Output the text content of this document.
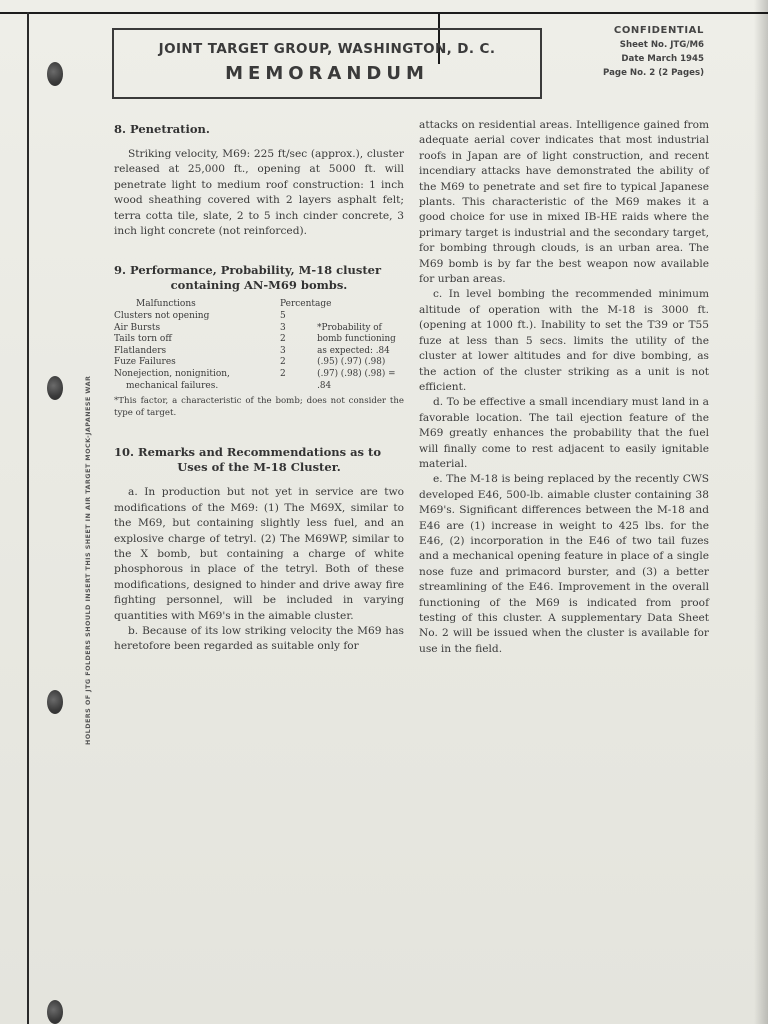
HOLDERS OF JTG FOLDERS SHOULD INSERT THIS SHEET IN AIR TARGET MOCK-JAPANESE WAR
JOINT TARGET GROUP, WASHINGTON, D. C.
MEMORANDUM
CONFIDENTIAL
Sheet No. JTG/M6
Date March 1945
Page No. 2 (2 Pages)
8. Penetration.

Striking velocity, M69: 225 ft/sec (approx.), cluster released at 25,000 ft., opening at 5000 ft. will penetrate light to medium roof construction: 1 inch wood sheathing covered with 2 layers asphalt felt; terra cotta tile, slate, 2 to 5 inch cinder concrete, 3 inch light concrete (not reinforced).

9. Performance, Probability, M-18 cluster
containing AN-M69 bombs.
Malfunctions	Percentage	
Clusters not opening	5	
Air Bursts	3	*Probability of
Tails torn off	2	bomb functioning
Flatlanders	3	as expected: .84
Fuze Failures	2	(.95) (.97) (.98)
Nonejection, nonignition,	2	(.97) (.98) (.98) =
mechanical failures.		.84

*This factor, a characteristic of the bomb; does not consider the type of target.

10. Remarks and Recommendations as to
Uses of the M-18 Cluster.

a. In production but not yet in service are two modifications of the M69: (1) The M69X, similar to the M69, but containing slightly less fuel, and an explosive charge of tetryl. (2) The M69WP, similar to the X bomb, but containing a charge of white phosphorous in place of the tetryl. Both of these modifications, designed to hinder and drive away fire fighting personnel, will be included in varying quantities with M69's in the aimable cluster.

b. Because of its low striking velocity the M69 has heretofore been regarded as suitable only for

attacks on residential areas. Intelligence gained from adequate aerial cover indicates that most industrial roofs in Japan are of light construction, and recent incendiary attacks have demonstrated the ability of the M69 to penetrate and set fire to typical Japanese plants. This characteristic of the M69 makes it a good choice for use in mixed IB-HE raids where the primary target is industrial and the secondary target, for bombing through clouds, is an urban area. The M69 bomb is by far the best weapon now available for urban areas.

c. In level bombing the recommended minimum altitude of operation with the M-18 is 3000 ft. (opening at 1000 ft.). Inability to set the T39 or T55 fuze at less than 5 secs. limits the utility of the cluster at lower altitudes and for dive bombing, as the action of the cluster striking as a unit is not efficient.

d. To be effective a small incendiary must land in a favorable location. The tail ejection feature of the M69 greatly enhances the probability that the fuel will finally come to rest adjacent to easily ignitable material.

e. The M-18 is being replaced by the recently CWS developed E46, 500-lb. aimable cluster containing 38 M69's. Significant differences between the M-18 and E46 are (1) increase in weight to 425 lbs. for the E46, (2) incorporation in the E46 of two tail fuzes and a mechanical opening feature in place of a single nose fuze and primacord burster, and (3) a better streamlining of the E46. Improvement in the overall functioning of the M69 is indicated from proof testing of this cluster. A supplementary Data Sheet No. 2 will be issued when the cluster is available for use in the field.
